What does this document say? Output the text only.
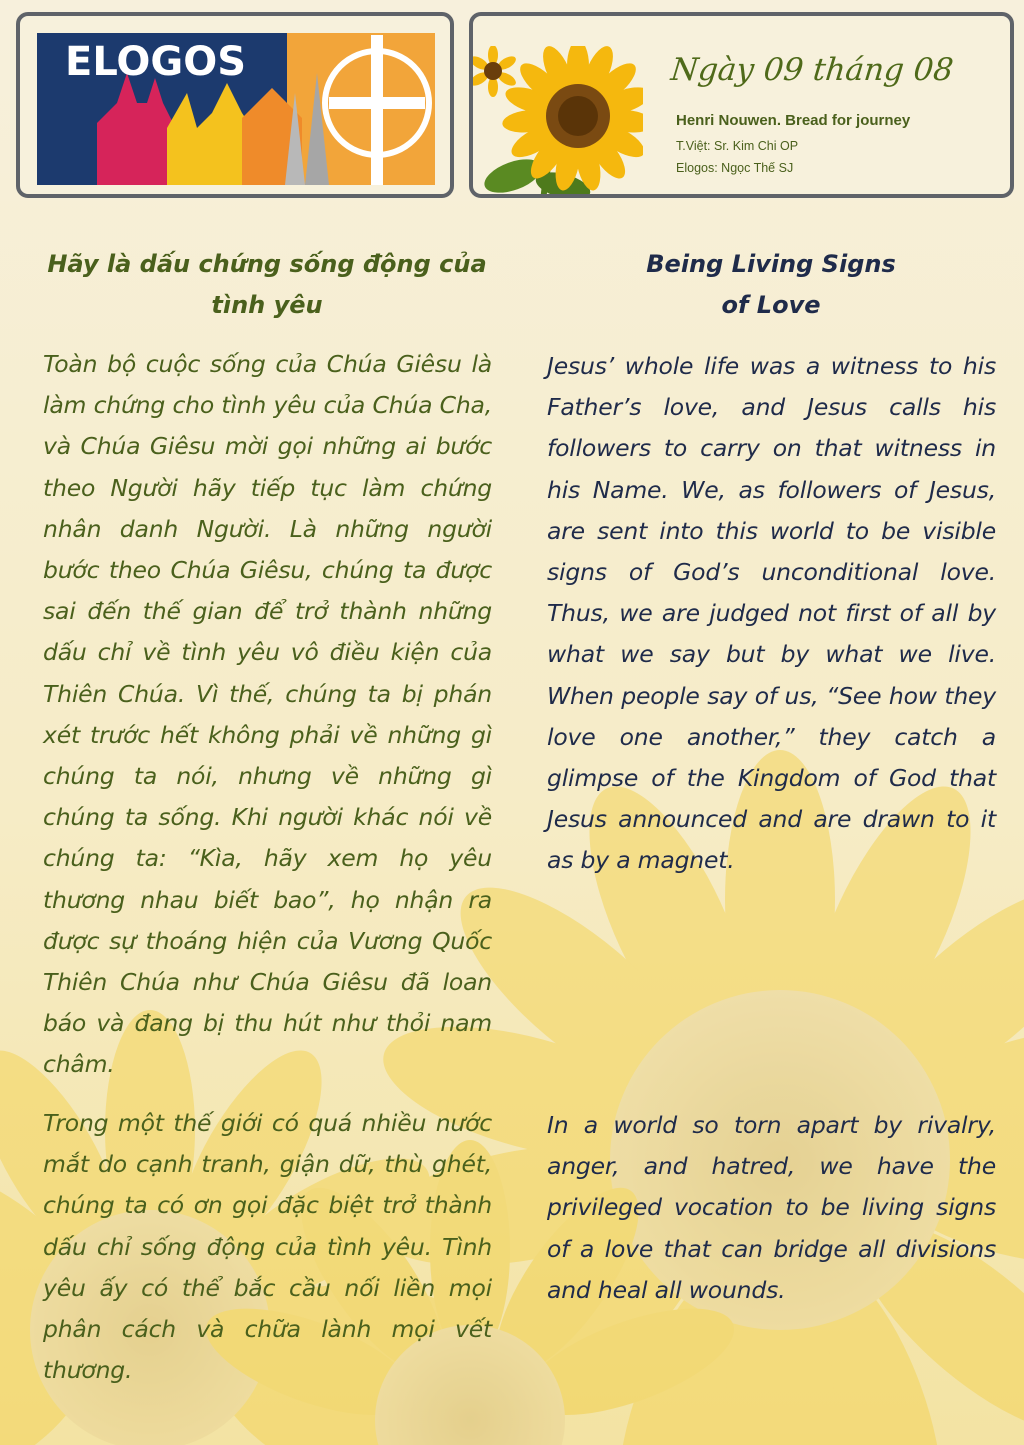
ELOGOS	Ngày 09 tháng 08
Henri Nouwen. Bread for journey
T.Việt: Sr. Kim Chi OP
Elogos: Ngọc Thế SJ
Hãy là dấu chứng sống động của
tình yêu
Toàn bộ cuộc sống của Chúa Giêsu là làm chứng cho tình yêu của Chúa Cha, và Chúa Giêsu mời gọi những ai bước theo Người hãy tiếp tục làm chứng nhân danh Người. Là những người bước theo Chúa Giêsu, chúng ta được sai đến thế gian để trở thành những dấu chỉ về tình yêu vô điều kiện của Thiên Chúa. Vì thế, chúng ta bị phán xét trước hết không phải về những gì chúng ta nói, nhưng về những gì chúng ta sống. Khi người khác nói về chúng ta: “Kìa, hãy xem họ yêu thương nhau biết bao”, họ nhận ra được sự thoáng hiện của Vương Quốc Thiên Chúa như Chúa Giêsu đã loan báo và đang bị thu hút như thỏi nam châm.
Trong một thế giới có quá nhiều nước mắt do cạnh tranh, giận dữ, thù ghét, chúng ta có ơn gọi đặc biệt trở thành dấu chỉ sống động của tình yêu. Tình yêu ấy có thể bắc cầu nối liền mọi phân cách và chữa lành mọi vết thương.
Being Living Signs
of Love
Jesus’ whole life was a witness to his Father’s love, and Jesus calls his followers to carry on that witness in his Name. We, as followers of Jesus, are sent into this world to be visible signs of God’s unconditional love. Thus, we are judged not first of all by what we say but by what we live. When people say of us, “See how they love one another,” they catch a glimpse of the Kingdom of God that Jesus announced and are drawn to it as by a magnet.
In a world so torn apart by rivalry, anger, and hatred, we have the privileged vocation to be living signs of a love that can bridge all divisions and heal all wounds.
